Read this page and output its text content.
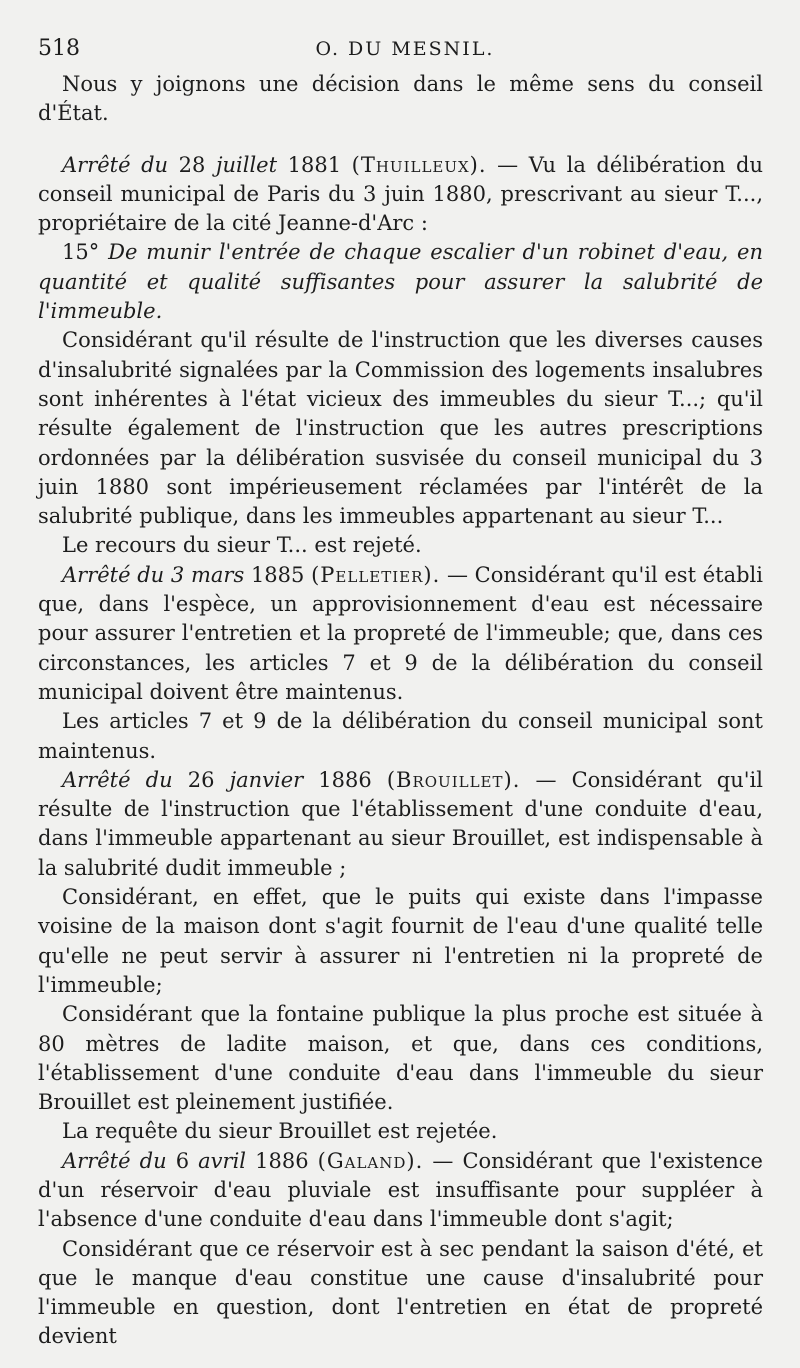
518	O. DU MESNIL.

Nous y joignons une décision dans le même sens du conseil d'État.

Arrêté du 28 juillet 1881 (Thuilleux). — Vu la délibération du conseil municipal de Paris du 3 juin 1880, prescrivant au sieur T..., propriétaire de la cité Jeanne-d'Arc :

15° De munir l'entrée de chaque escalier d'un robinet d'eau, en quantité et qualité suffisantes pour assurer la salubrité de l'immeuble.

Considérant qu'il résulte de l'instruction que les diverses causes d'insalubrité signalées par la Commission des logements insalubres sont inhérentes à l'état vicieux des immeubles du sieur T...; qu'il résulte également de l'instruction que les autres prescriptions ordonnées par la délibération susvisée du conseil municipal du 3 juin 1880 sont impérieusement réclamées par l'intérêt de la salubrité publique, dans les immeubles appartenant au sieur T...

Le recours du sieur T... est rejeté.

Arrêté du 3 mars 1885 (Pelletier). — Considérant qu'il est établi que, dans l'espèce, un approvisionnement d'eau est nécessaire pour assurer l'entretien et la propreté de l'immeuble; que, dans ces circonstances, les articles 7 et 9 de la délibération du conseil municipal doivent être maintenus.

Les articles 7 et 9 de la délibération du conseil municipal sont maintenus.

Arrêté du 26 janvier 1886 (Brouillet). — Considérant qu'il résulte de l'instruction que l'établissement d'une conduite d'eau, dans l'immeuble appartenant au sieur Brouillet, est indispensable à la salubrité dudit immeuble ;

Considérant, en effet, que le puits qui existe dans l'impasse voisine de la maison dont s'agit fournit de l'eau d'une qualité telle qu'elle ne peut servir à assurer ni l'entretien ni la propreté de l'immeuble;

Considérant que la fontaine publique la plus proche est située à 80 mètres de ladite maison, et que, dans ces conditions, l'établissement d'une conduite d'eau dans l'immeuble du sieur Brouillet est pleinement justifiée.

La requête du sieur Brouillet est rejetée.

Arrêté du 6 avril 1886 (Galand). — Considérant que l'existence d'un réservoir d'eau pluviale est insuffisante pour suppléer à l'absence d'une conduite d'eau dans l'immeuble dont s'agit;

Considérant que ce réservoir est à sec pendant la saison d'été, et que le manque d'eau constitue une cause d'insalubrité pour l'immeuble en question, dont l'entretien en état de propreté devient
